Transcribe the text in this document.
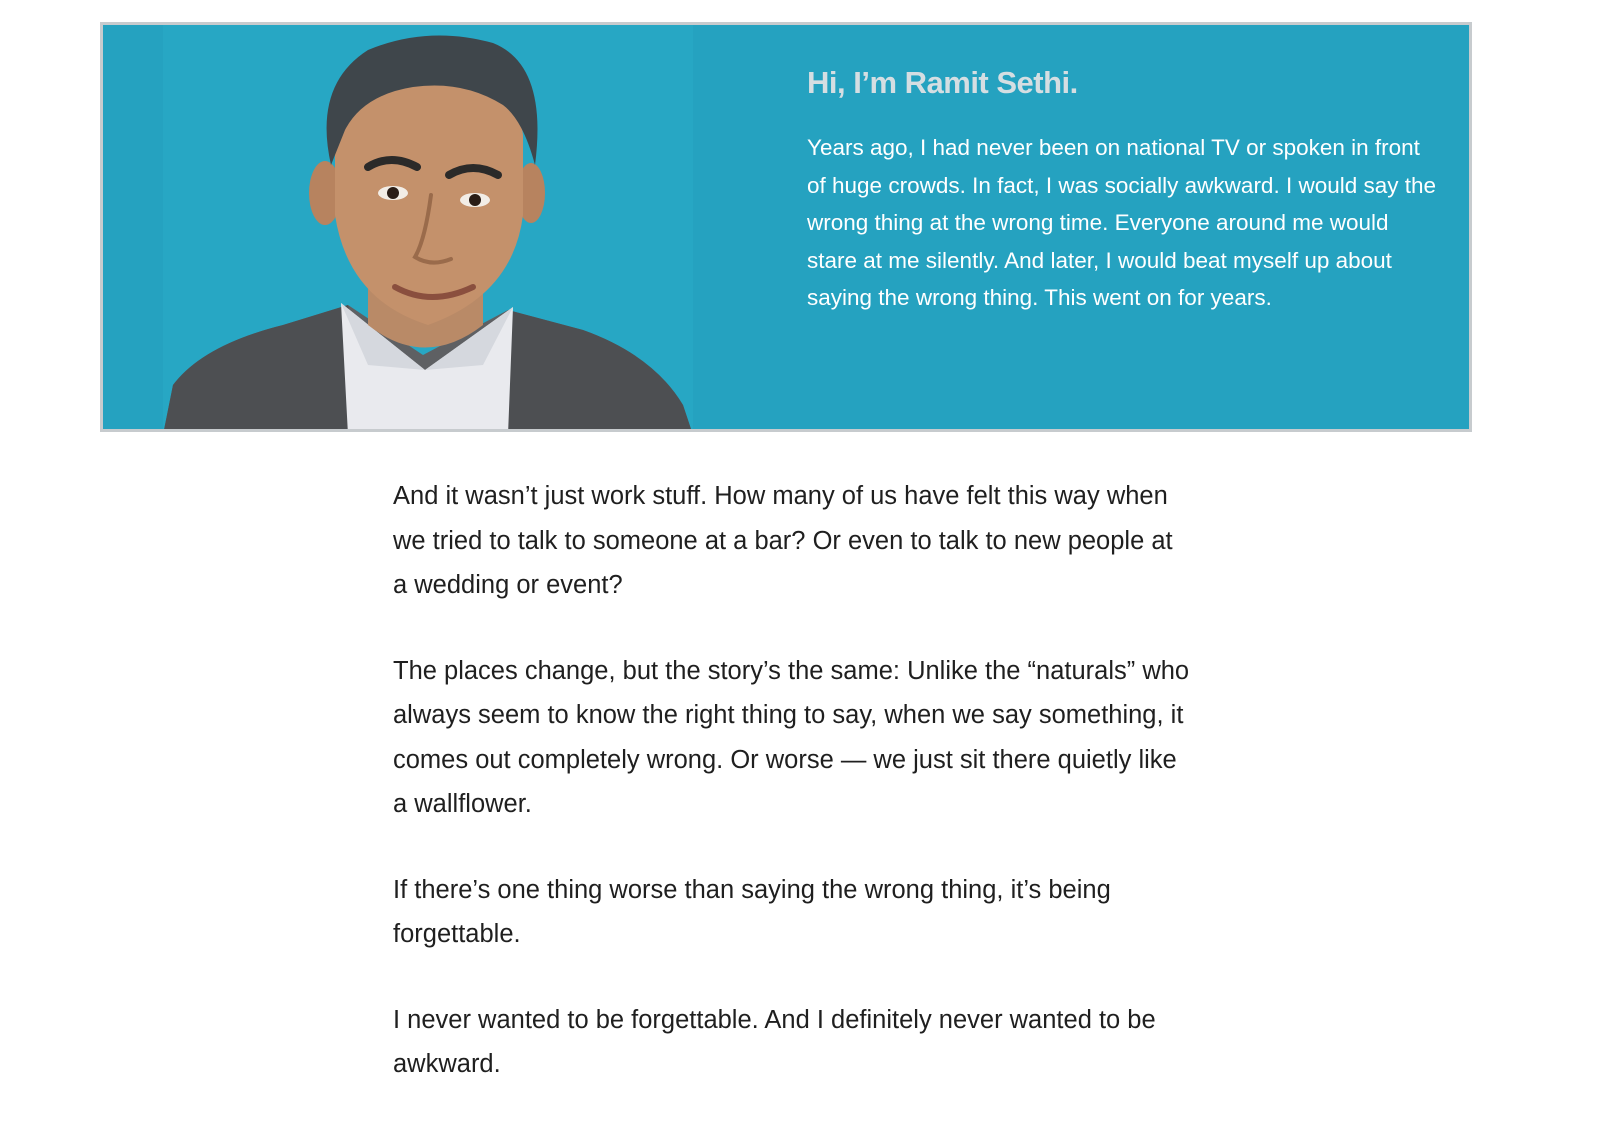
Hi, I’m Ramit Sethi.

Years ago, I had never been on national TV or spoken in front of huge crowds. In fact, I was socially awkward. I would say the wrong thing at the wrong time. Everyone around me would stare at me silently. And later, I would beat myself up about saying the wrong thing. This went on for years.

And it wasn’t just work stuff. How many of us have felt this way when we tried to talk to someone at a bar? Or even to talk to new people at a wedding or event?

The places change, but the story’s the same: Unlike the “naturals” who always seem to know the right thing to say, when we say something, it comes out completely wrong. Or worse — we just sit there quietly like a wallflower.

If there’s one thing worse than saying the wrong thing, it’s being forgettable.

I never wanted to be forgettable. And I definitely never wanted to be awkward.
